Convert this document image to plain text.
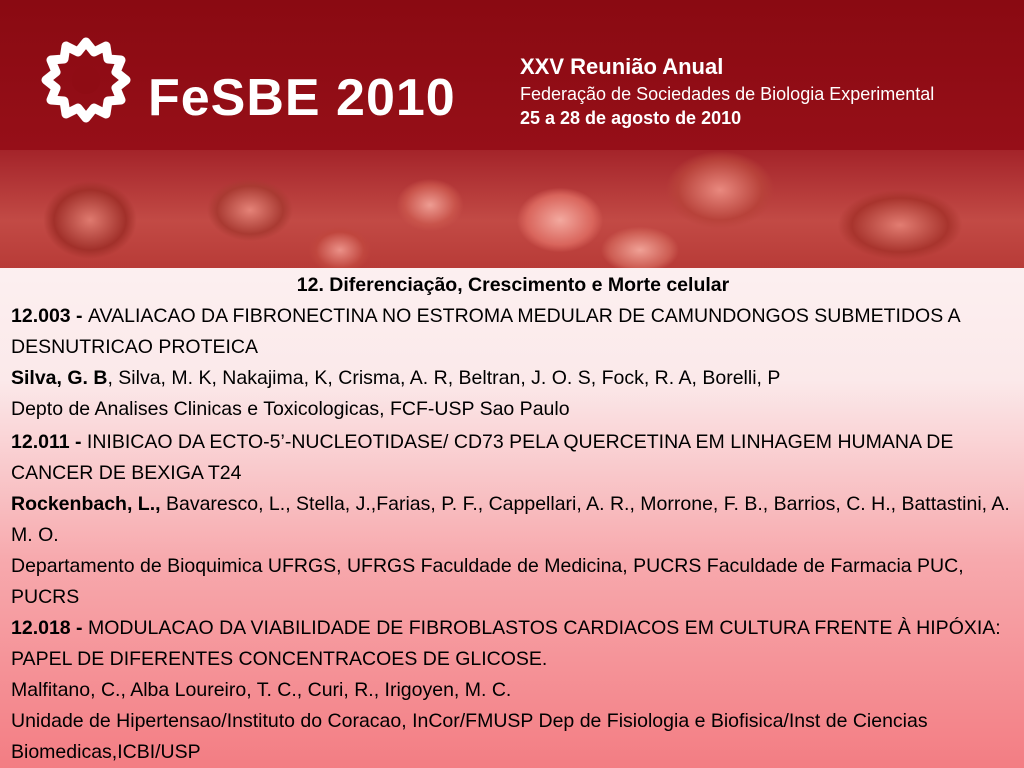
FeSBE 2010
XXV Reunião Anual
Federação de Sociedades de Biologia Experimental
25 a 28 de agosto de 2010
12. Diferenciação, Crescimento e Morte celular

12.003 - AVALIACAO DA FIBRONECTINA NO ESTROMA MEDULAR DE CAMUNDONGOS SUBMETIDOS A DESNUTRICAO PROTEICA

Silva, G. B, Silva, M. K, Nakajima, K, Crisma, A. R, Beltran, J. O. S, Fock, R. A, Borelli, P

Depto de Analises Clinicas e Toxicologicas, FCF-USP Sao Paulo

12.011 - INIBICAO DA ECTO-5’-NUCLEOTIDASE/ CD73 PELA QUERCETINA EM LINHAGEM HUMANA DE CANCER DE BEXIGA T24

Rockenbach, L., Bavaresco, L., Stella, J.,Farias, P. F., Cappellari, A. R., Morrone, F. B., Barrios, C. H., Battastini, A. M. O.

Departamento de Bioquimica UFRGS, UFRGS Faculdade de Medicina, PUCRS Faculdade de Farmacia PUC, PUCRS

12.018 - MODULACAO DA VIABILIDADE DE FIBROBLASTOS CARDIACOS EM CULTURA FRENTE À HIPÓXIA: PAPEL DE DIFERENTES CONCENTRACOES DE GLICOSE.

Malfitano, C., Alba Loureiro, T. C., Curi, R., Irigoyen, M. C.

Unidade de Hipertensao/Instituto do Coracao, InCor/FMUSP Dep de Fisiologia e Biofisica/Inst de Ciencias Biomedicas,ICBI/USP
